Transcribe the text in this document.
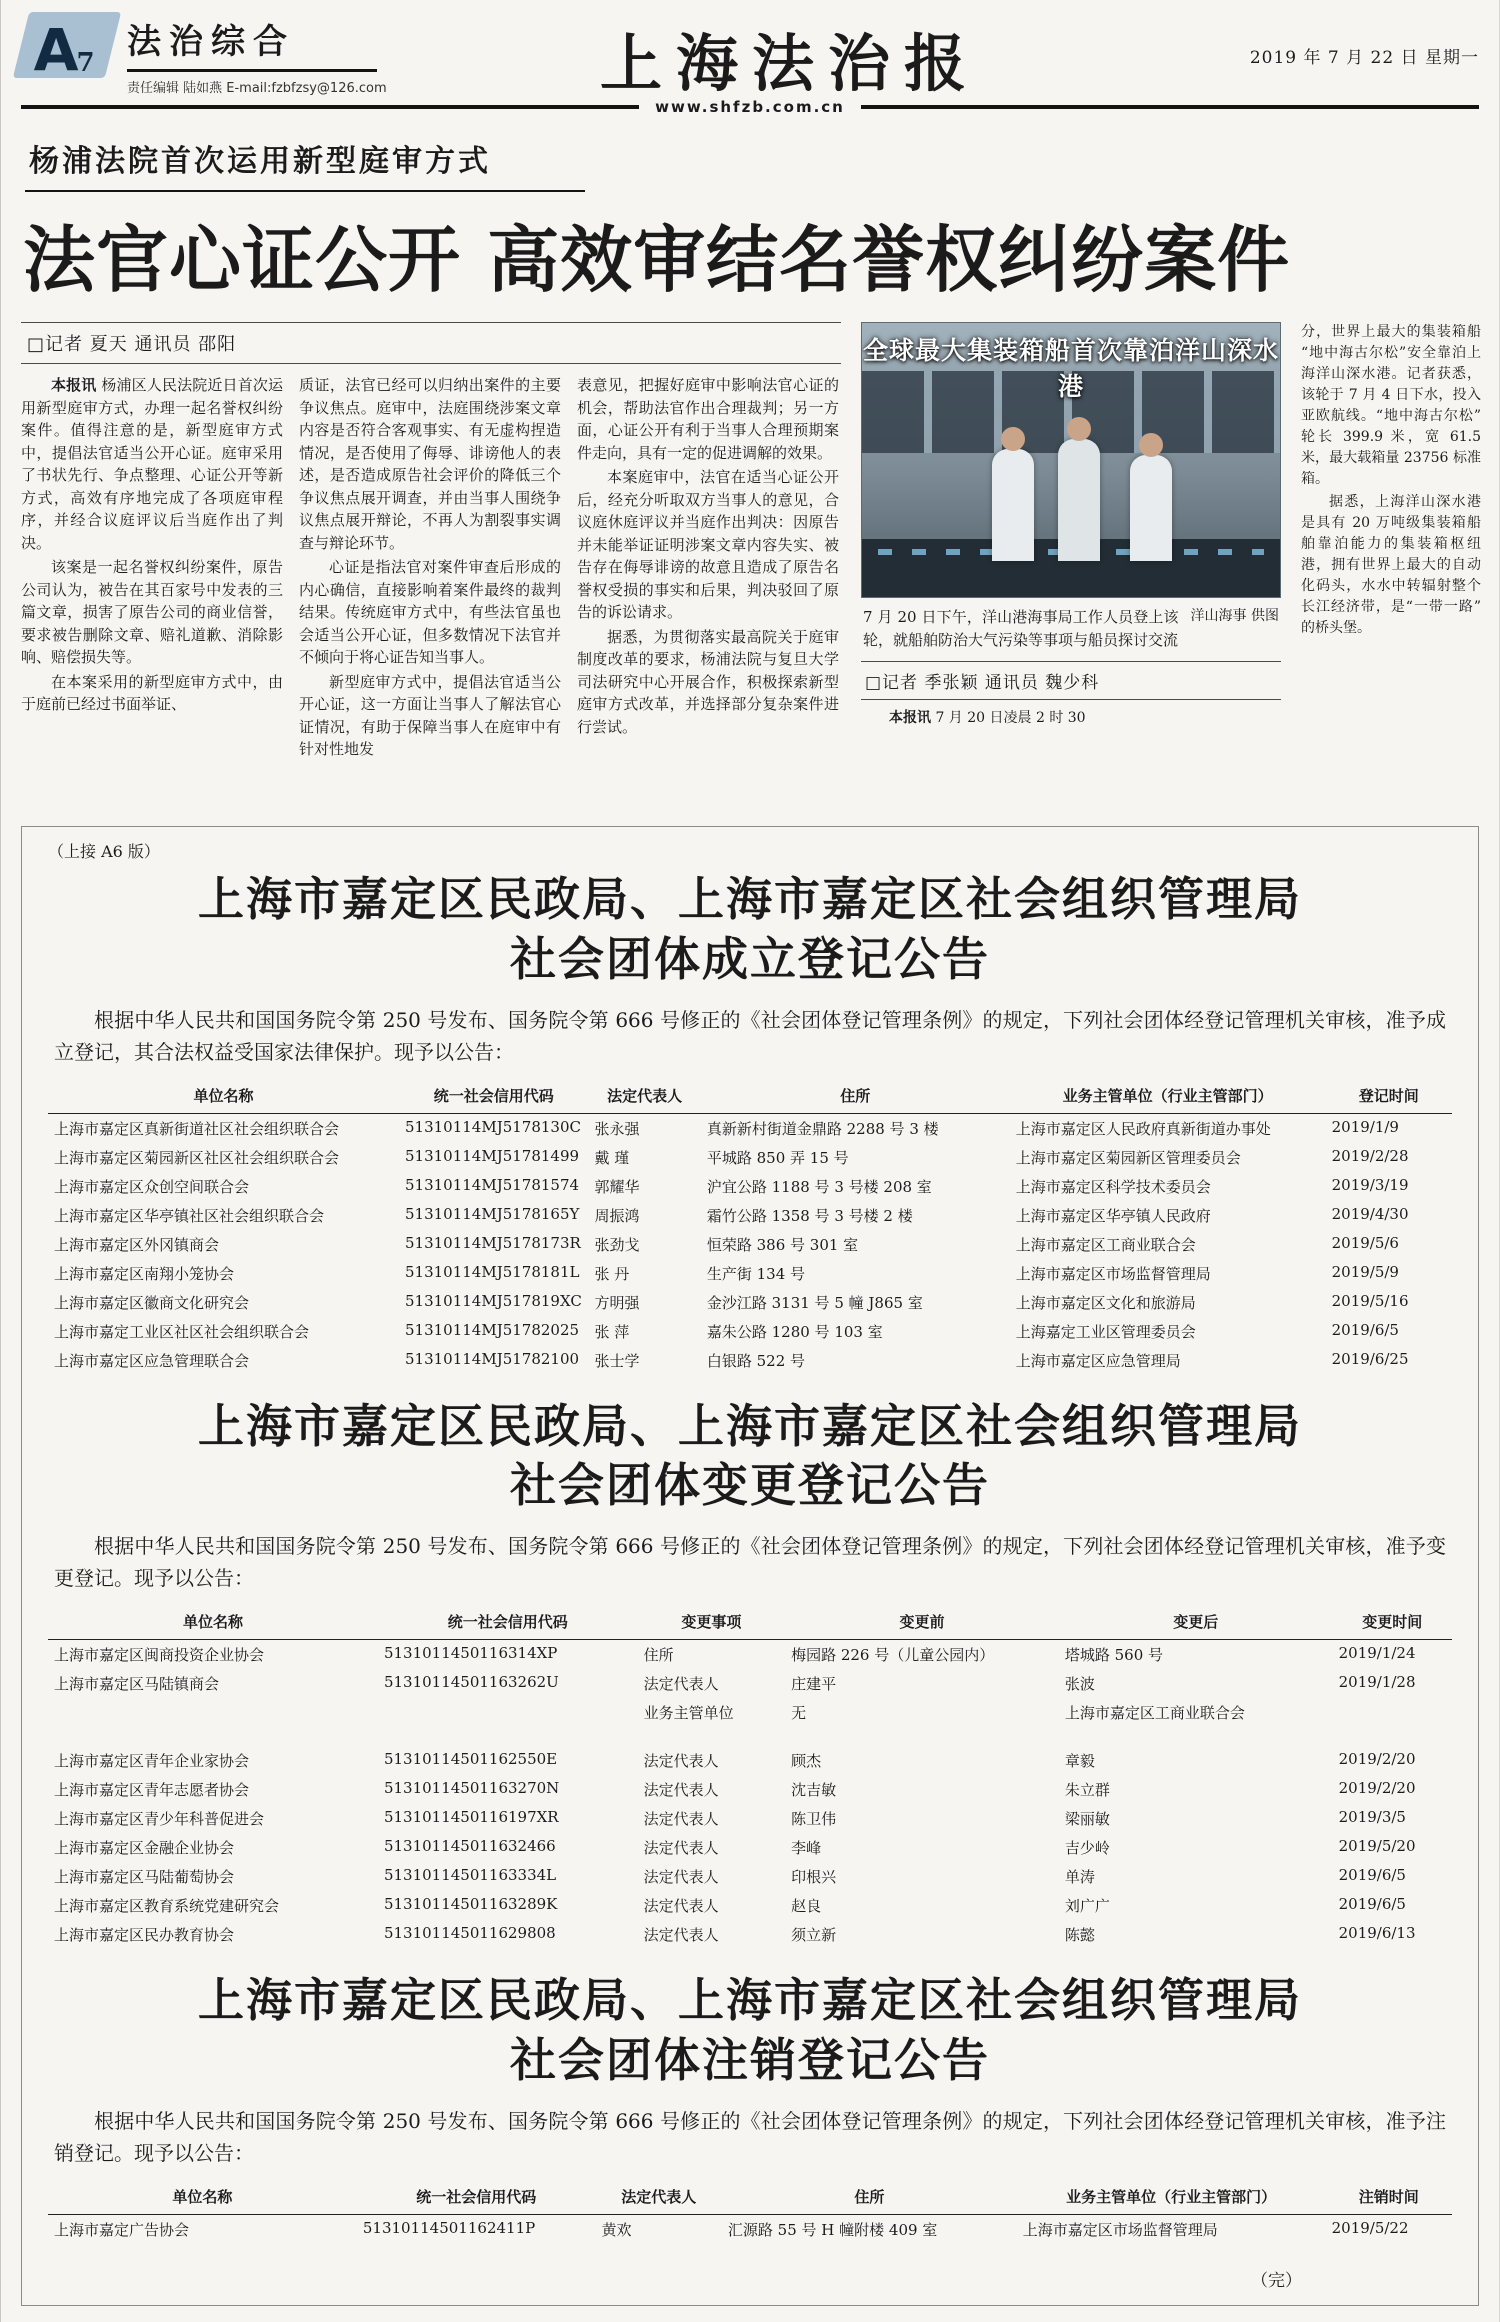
A
7
法治综合
责任编辑 陆如燕 E-mail:fzbfzsy@126.com	上海法治报	2019 年 7 月 22 日 星期一
www.shfzb.com.cn
杨浦法院首次运用新型庭审方式
法官心证公开 高效审结名誉权纠纷案件
□记者 夏天 通讯员 邵阳

本报讯 杨浦区人民法院近日首次运用新型庭审方式，办理一起名誉权纠纷案件。值得注意的是，新型庭审方式中，提倡法官适当公开心证。庭审采用了书状先行、争点整理、心证公开等新方式，高效有序地完成了各项庭审程序，并经合议庭评议后当庭作出了判决。

该案是一起名誉权纠纷案件，原告公司认为，被告在其百家号中发表的三篇文章，损害了原告公司的商业信誉，要求被告删除文章、赔礼道歉、消除影响、赔偿损失等。

在本案采用的新型庭审方式中，由于庭前已经过书面举证、

质证，法官已经可以归纳出案件的主要争议焦点。庭审中，法庭围绕涉案文章内容是否符合客观事实、有无虚构捏造情况，是否使用了侮辱、诽谤他人的表述，是否造成原告社会评价的降低三个争议焦点展开调查，并由当事人围绕争议焦点展开辩论，不再人为割裂事实调查与辩论环节。

心证是指法官对案件审查后形成的内心确信，直接影响着案件最终的裁判结果。传统庭审方式中，有些法官虽也会适当公开心证，但多数情况下法官并不倾向于将心证告知当事人。

新型庭审方式中，提倡法官适当公开心证，这一方面让当事人了解法官心证情况，有助于保障当事人在庭审中有针对性地发

表意见，把握好庭审中影响法官心证的机会，帮助法官作出合理裁判；另一方面，心证公开有利于当事人合理预期案件走向，具有一定的促进调解的效果。

本案庭审中，法官在适当心证公开后，经充分听取双方当事人的意见，合议庭休庭评议并当庭作出判决：因原告并未能举证证明涉案文章内容失实、被告存在侮辱诽谤的故意且造成了原告名誉权受损的事实和后果，判决驳回了原告的诉讼请求。

据悉，为贯彻落实最高院关于庭审制度改革的要求，杨浦法院与复旦大学司法研究中心开展合作，积极探索新型庭审方式改革，并选择部分复杂案件进行尝试。

全球最大集装箱船首次靠泊洋山深水港

洋山海事 供图
7 月 20 日下午，洋山港海事局工作人员登上该轮，就船舶防治大气污染等事项与船员探讨交流

□记者 季张颖 通讯员 魏少科

本报讯 7 月 20 日凌晨 2 时 30

分，世界上最大的集装箱船“地中海古尔松”安全靠泊上海洋山深水港。记者获悉，该轮于 7 月 4 日下水，投入亚欧航线。“地中海古尔松”轮长 399.9 米，宽 61.5 米，最大载箱量 23756 标准箱。

据悉，上海洋山深水港是具有 20 万吨级集装箱船舶靠泊能力的集装箱枢纽港，拥有世界上最大的自动化码头，水水中转辐射整个长江经济带，是“一带一路”的桥头堡。

（上接 A6 版）
上海市嘉定区民政局、上海市嘉定区社会组织管理局
社会团体成立登记公告

根据中华人民共和国国务院令第 250 号发布、国务院令第 666 号修正的《社会团体登记管理条例》的规定，下列社会团体经登记管理机关审核，准予成立登记，其合法权益受国家法律保护。现予以公告：

单位名称	统一社会信用代码	法定代表人	住所	业务主管单位（行业主管部门）	登记时间
上海市嘉定区真新街道社区社会组织联合会	51310114MJ5178130C	张永强	真新新村街道金鼎路 2288 号 3 楼	上海市嘉定区人民政府真新街道办事处	2019/1/9
上海市嘉定区菊园新区社区社会组织联合会	51310114MJ51781499	戴 瑾	平城路 850 弄 15 号	上海市嘉定区菊园新区管理委员会	2019/2/28
上海市嘉定区众创空间联合会	51310114MJ51781574	郭耀华	沪宜公路 1188 号 3 号楼 208 室	上海市嘉定区科学技术委员会	2019/3/19
上海市嘉定区华亭镇社区社会组织联合会	51310114MJ5178165Y	周振鸿	霜竹公路 1358 号 3 号楼 2 楼	上海市嘉定区华亭镇人民政府	2019/4/30
上海市嘉定区外冈镇商会	51310114MJ5178173R	张劲戈	恒荣路 386 号 301 室	上海市嘉定区工商业联合会	2019/5/6
上海市嘉定区南翔小笼协会	51310114MJ5178181L	张 丹	生产街 134 号	上海市嘉定区市场监督管理局	2019/5/9
上海市嘉定区徽商文化研究会	51310114MJ517819XC	方明强	金沙江路 3131 号 5 幢 J865 室	上海市嘉定区文化和旅游局	2019/5/16
上海市嘉定工业区社区社会组织联合会	51310114MJ51782025	张 萍	嘉朱公路 1280 号 103 室	上海嘉定工业区管理委员会	2019/6/5
上海市嘉定区应急管理联合会	51310114MJ51782100	张士学	白银路 522 号	上海市嘉定区应急管理局	2019/6/25
上海市嘉定区民政局、上海市嘉定区社会组织管理局
社会团体变更登记公告

根据中华人民共和国国务院令第 250 号发布、国务院令第 666 号修正的《社会团体登记管理条例》的规定，下列社会团体经登记管理机关审核，准予变更登记。现予以公告：

单位名称	统一社会信用代码	变更事项	变更前	变更后	变更时间
上海市嘉定区闽商投资企业协会	5131011450116314XP	住所	梅园路 226 号（儿童公园内）	塔城路 560 号	2019/1/24
上海市嘉定区马陆镇商会	51310114501163262U	法定代表人	庄建平	张波	2019/1/28
		业务主管单位	无	上海市嘉定区工商业联合会	

上海市嘉定区青年企业家协会	51310114501162550E	法定代表人	顾杰	章毅	2019/2/20
上海市嘉定区青年志愿者协会	51310114501163270N	法定代表人	沈吉敏	朱立群	2019/2/20
上海市嘉定区青少年科普促进会	5131011450116197XR	法定代表人	陈卫伟	梁丽敏	2019/3/5
上海市嘉定区金融企业协会	513101145011632466	法定代表人	李峰	吉少岭	2019/5/20
上海市嘉定区马陆葡萄协会	51310114501163334L	法定代表人	印根兴	单涛	2019/6/5
上海市嘉定区教育系统党建研究会	51310114501163289K	法定代表人	赵良	刘广广	2019/6/5
上海市嘉定区民办教育协会	513101145011629808	法定代表人	须立新	陈懿	2019/6/13
上海市嘉定区民政局、上海市嘉定区社会组织管理局
社会团体注销登记公告

根据中华人民共和国国务院令第 250 号发布、国务院令第 666 号修正的《社会团体登记管理条例》的规定，下列社会团体经登记管理机关审核，准予注销登记。现予以公告：

单位名称	统一社会信用代码	法定代表人	住所	业务主管单位（行业主管部门）	注销时间
上海市嘉定广告协会	51310114501162411P	黄欢	汇源路 55 号 H 幢附楼 409 室	上海市嘉定区市场监督管理局	2019/5/22
（完）
